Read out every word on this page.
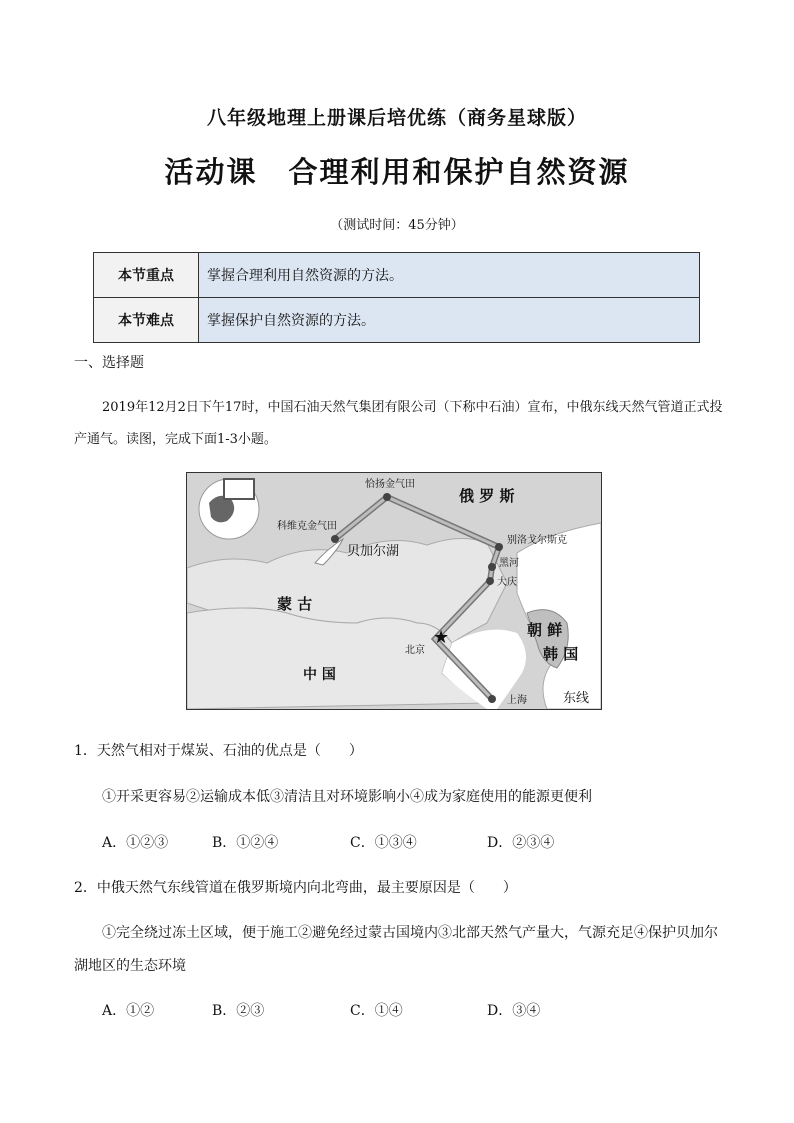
八年级地理上册课后培优练（商务星球版）
活动课　合理利用和保护自然资源
（测试时间：45分钟）
本节重点	掌握合理利用自然资源的方法。
本节难点	掌握保护自然资源的方法。
一、选择题
2019年12月2日下午17时，中国石油天然气集团有限公司（下称中石油）宣布，中俄东线天然气管道正式投产通气。读图，完成下面1-3小题。
★
恰扬金气田
科维克金气田
俄 罗 斯
贝加尔湖
别洛戈尔斯克
黑河
大庆
蒙 古
朝 鲜
韩 国
北京
中 国
上海	东线
1．天然气相对于煤炭、石油的优点是（　　）
①开采更容易②运输成本低③清洁且对环境影响小④成为家庭使用的能源更便利
A．①②③	B．①②④	C．①③④	D．②③④
2．中俄天然气东线管道在俄罗斯境内向北弯曲，最主要原因是（　　）
①完全绕过冻土区域，便于施工②避免经过蒙古国境内③北部天然气产量大，气源充足④保护贝加尔
湖地区的生态环境
A．①②	B．②③	C．①④	D．③④
